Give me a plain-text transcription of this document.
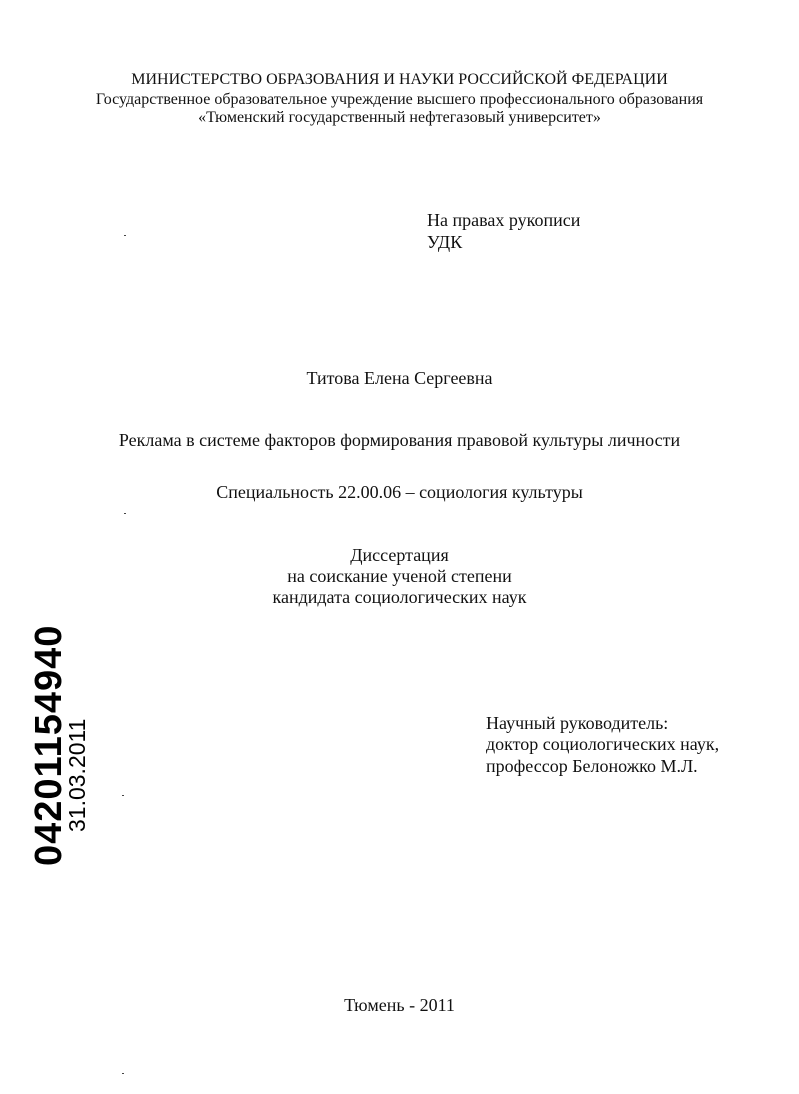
МИНИСТЕРСТВО ОБРАЗОВАНИЯ И НАУКИ РОССИЙСКОЙ ФЕДЕРАЦИИ
Государственное образовательное учреждение высшего профессионального образования
«Тюменский государственный нефтегазовый университет»
На правах рукописи
УДК
Титова Елена Сергеевна
Реклама в системе факторов формирования правовой культуры личности
Специальность 22.00.06 – социология культуры
Диссертация
на соискание ученой степени
кандидата социологических наук
Научный руководитель:
доктор социологических наук,
профессор Белоножко М.Л.
Тюмень - 2011
04201154940
31.03.2011
